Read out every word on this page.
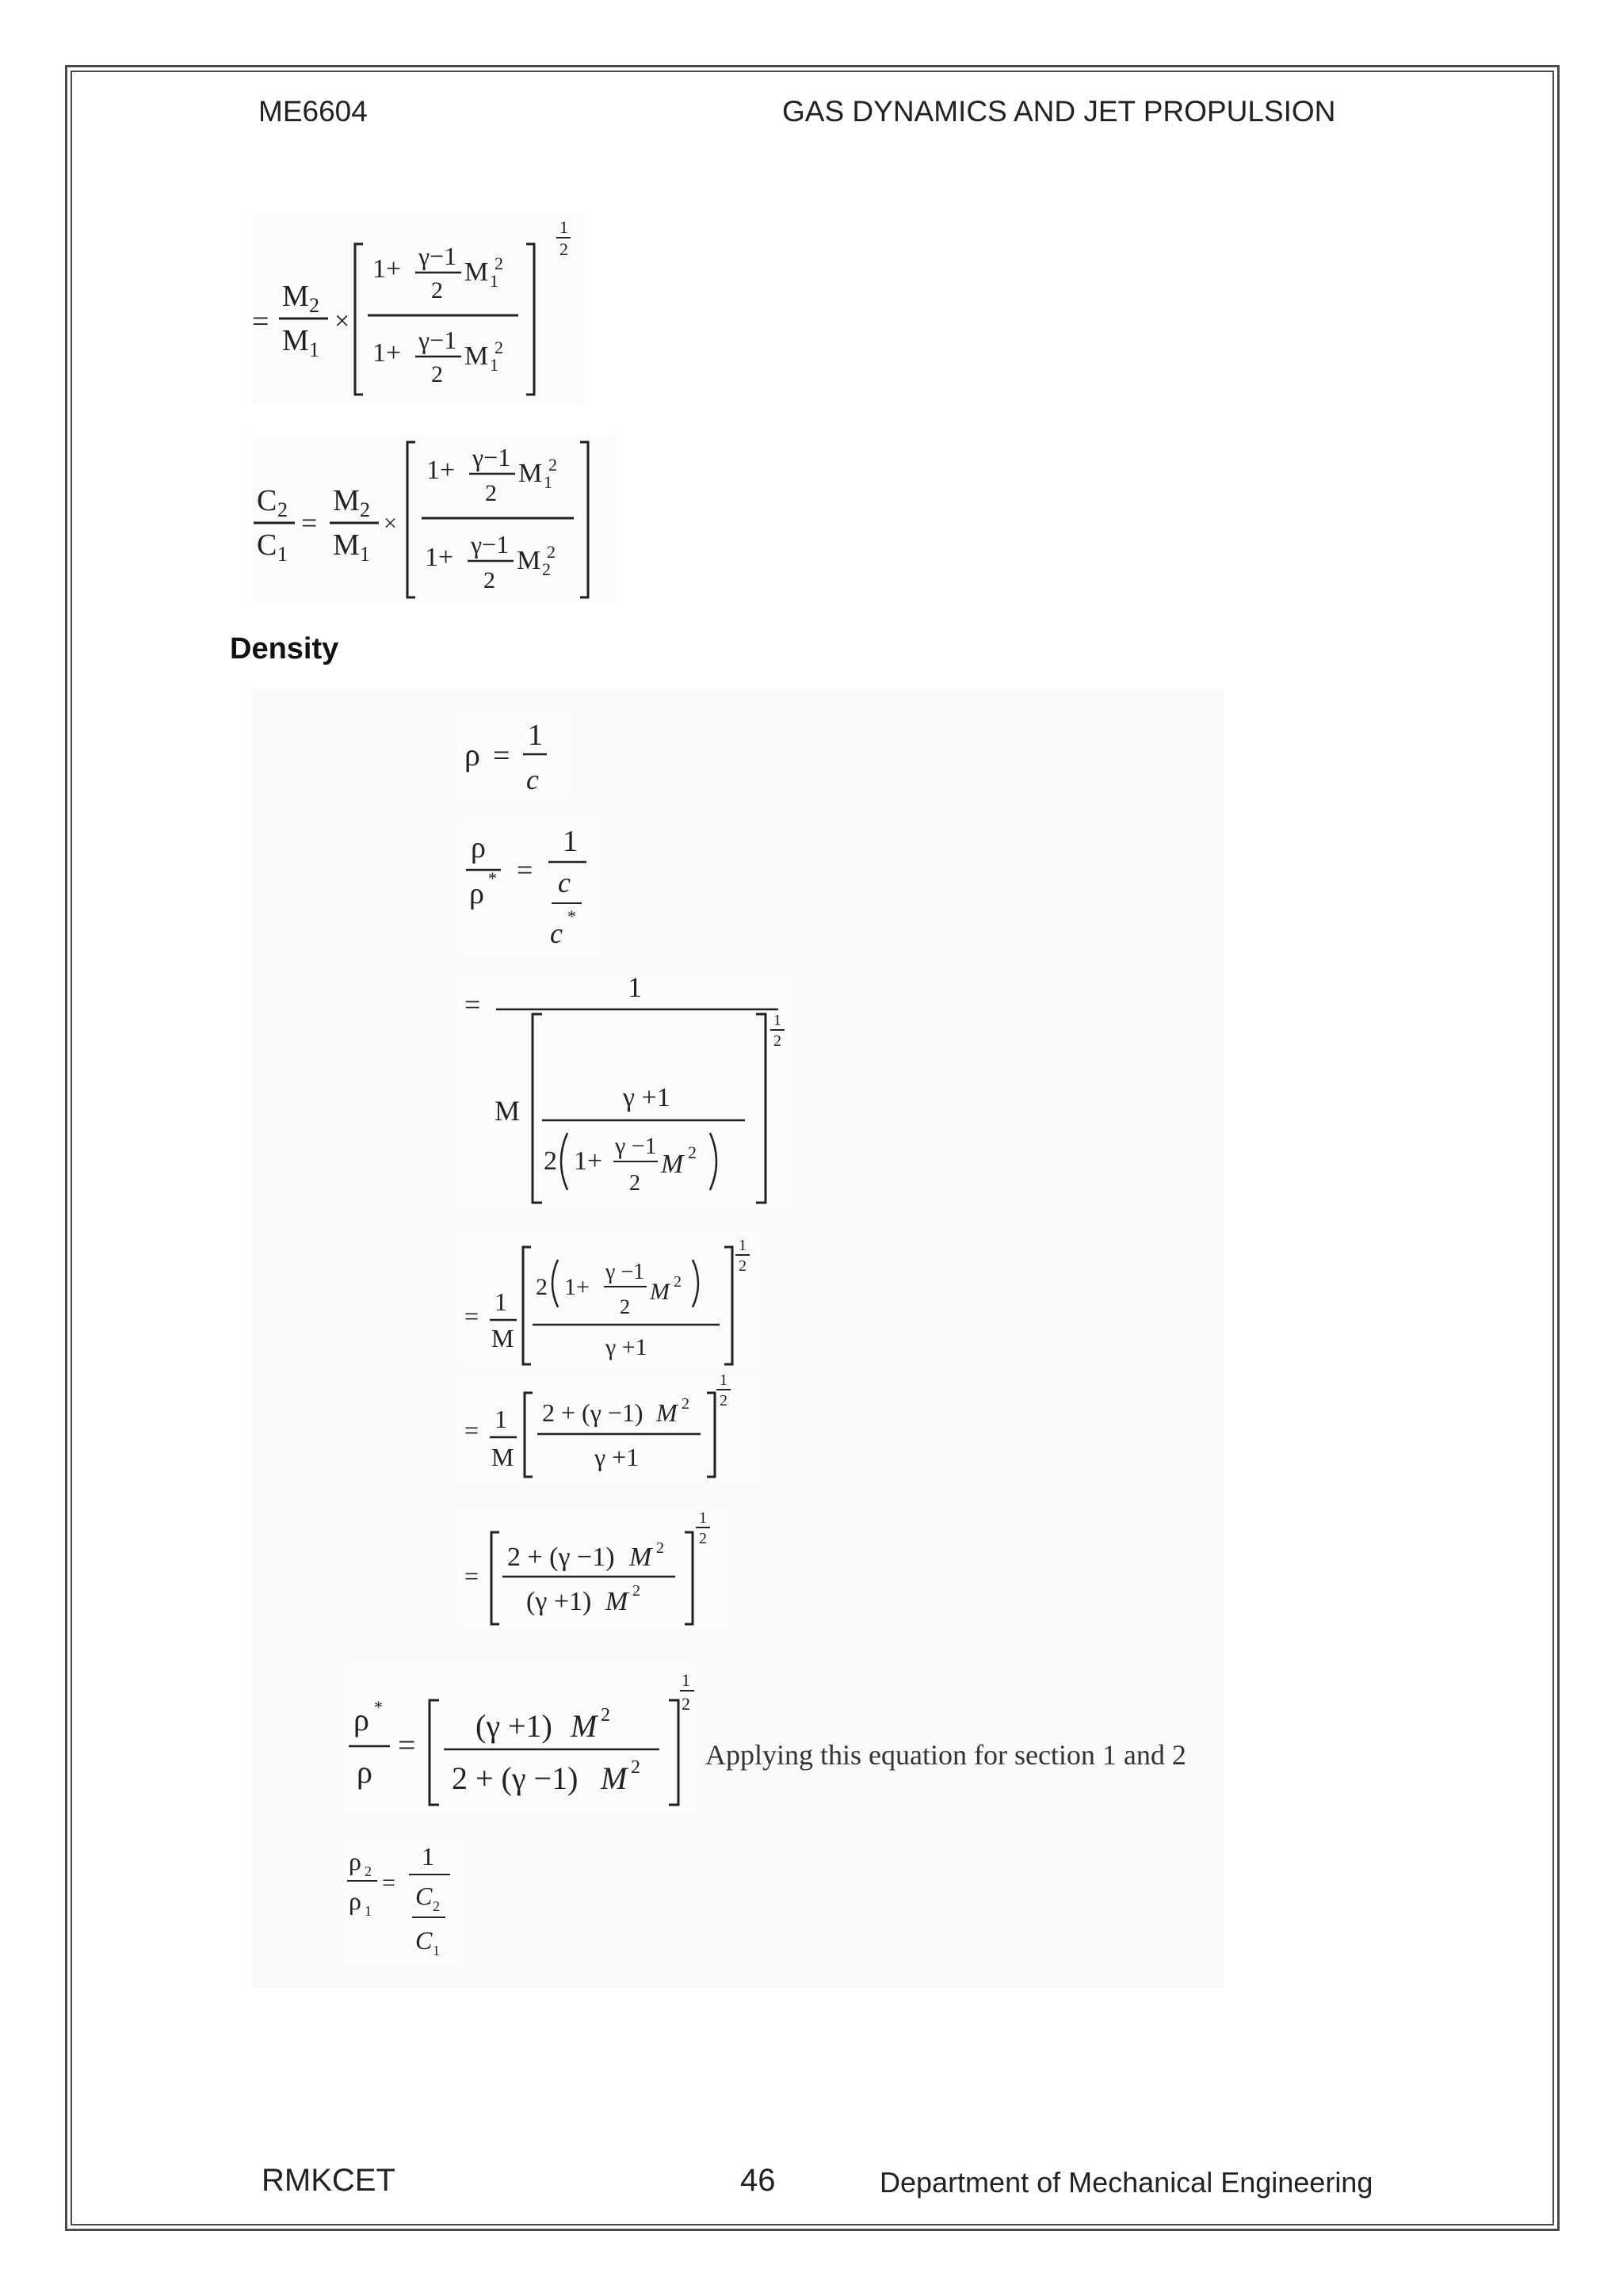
ME6604	GAS DYNAMICS AND JET PROPULSION
=
M 2
M 1
×
1+ γ−1
2
M 1
2
1+ γ−1
2
M 1
2
1
2
C 2
C 1
=
M 2
M 1
×
1+ γ−1
2
M 1
2
1+ γ−1
2
M 2
2
Density
ρ =
1
c
ρ
ρ * =
1
c
c
*
=
1
M	γ +1
2 1+
γ −1
2
M 2
1
2
= 1
M
2 1+
γ −1
2
M 2
γ +1
1
2
= 1
M
2 + (γ −1) M 2
γ +1
1
2
=
2 + (γ −1) M 2
(γ +1) M 2
1
2
ρ *
ρ
=
(γ +1) M 2
2 + (γ −1) M 2
1
2
Applying this equation for section 1 and 2
ρ 2
ρ 1
=
1
C 2
C 1
RMKCET	46	Department of Mechanical Engineering
